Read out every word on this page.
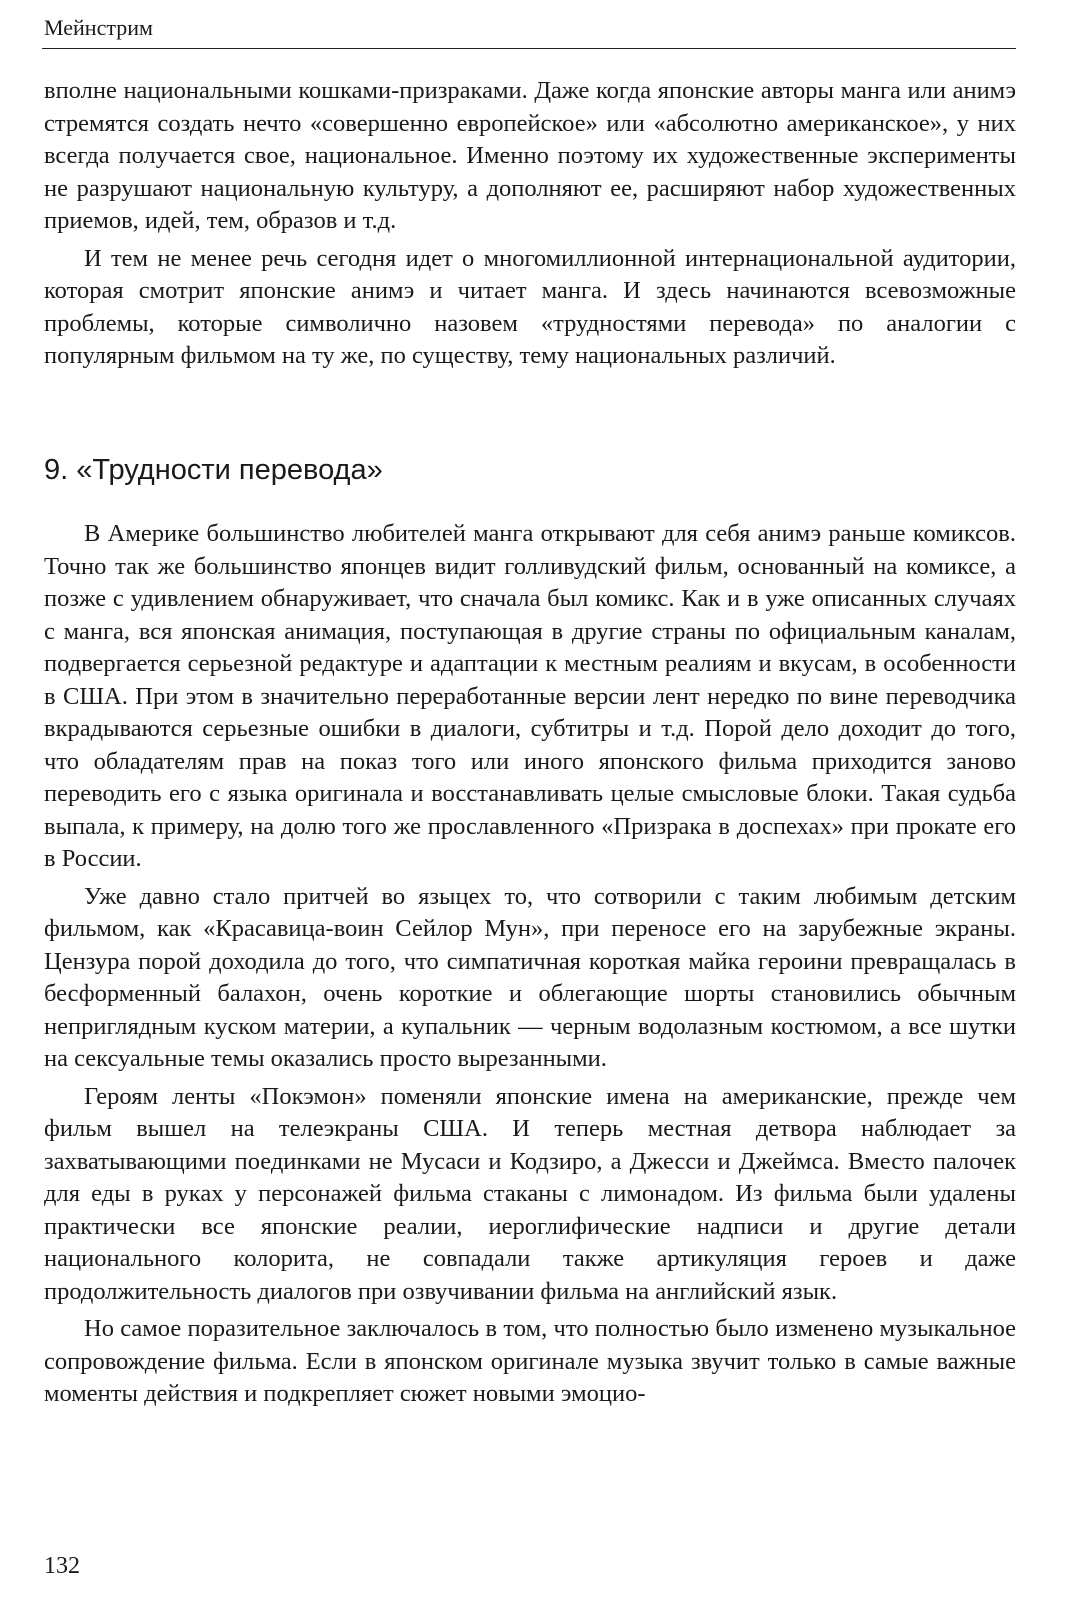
Мейнстрим

вполне национальными кошками-призраками. Даже когда японские авторы манга или анимэ стремятся создать нечто «совершенно европейское» или «абсолютно американское», у них всегда получается свое, национальное. Именно поэтому их художественные эксперименты не разрушают национальную культуру, а дополняют ее, расширяют набор художественных приемов, идей, тем, образов и т.д.

И тем не менее речь сегодня идет о многомиллионной интернациональной аудитории, которая смотрит японские анимэ и читает манга. И здесь начинаются всевозможные проблемы, которые символично назовем «трудностями перевода» по аналогии с популярным фильмом на ту же, по существу, тему национальных различий.

9. «Трудности перевода»

В Америке большинство любителей манга открывают для себя анимэ раньше комиксов. Точно так же большинство японцев видит голливудский фильм, основанный на комиксе, а позже с удивлением обнаруживает, что сначала был комикс. Как и в уже описанных случаях с манга, вся японская анимация, поступающая в другие страны по официальным каналам, подвергается серьезной редактуре и адаптации к местным реалиям и вкусам, в особенности в США. При этом в значительно переработанные версии лент нередко по вине переводчика вкрадываются серьезные ошибки в диалоги, субтитры и т.д. Порой дело доходит до того, что обладателям прав на показ того или иного японского фильма приходится заново переводить его с языка оригинала и восстанавливать целые смысловые блоки. Такая судьба выпала, к примеру, на долю того же прославленного «Призрака в доспехах» при прокате его в России.

Уже давно стало притчей во языцех то, что сотворили с таким любимым детским фильмом, как «Красавица-воин Сейлор Мун», при переносе его на зарубежные экраны. Цензура порой доходила до того, что симпатичная короткая майка героини превращалась в бесформенный балахон, очень короткие и облегающие шорты становились обычным неприглядным куском материи, а купальник — черным водолазным костюмом, а все шутки на сексуальные темы оказались просто вырезанными.

Героям ленты «Покэмон» поменяли японские имена на американские, прежде чем фильм вышел на телеэкраны США. И теперь местная детвора наблюдает за захватывающими поединками не Мусаси и Кодзиро, а Джесси и Джеймса. Вместо палочек для еды в руках у персонажей фильма стаканы с лимонадом. Из фильма были удалены практически все японские реалии, иероглифические надписи и другие детали национального колорита, не совпадали также артикуляция героев и даже продолжительность диалогов при озвучивании фильма на английский язык.

Но самое поразительное заключалось в том, что полностью было изменено музыкальное сопровождение фильма. Если в японском оригинале музыка звучит только в самые важные моменты действия и подкрепляет сюжет новыми эмоцио-

132
